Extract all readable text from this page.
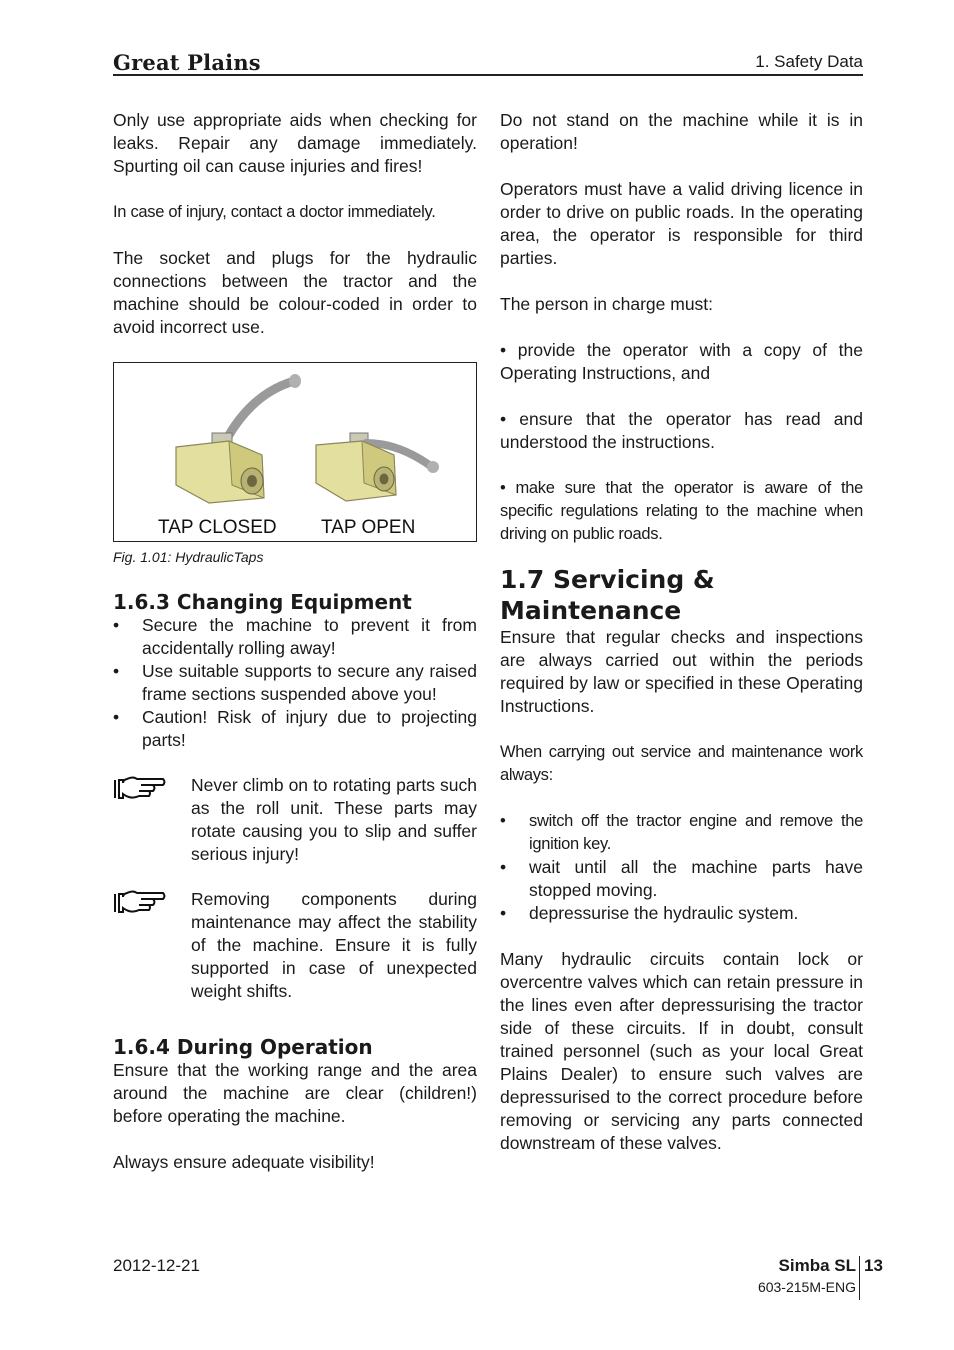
Great Plains	1. Safety Data

Only use appropriate aids when checking for leaks. Repair any damage immediately. Spurting oil can cause injuries and fires!

In case of injury, contact a doctor immediately.

The socket and plugs for the hydraulic connections between the tractor and the machine should be colour-coded in order to avoid incorrect use.

TAP CLOSED TAP OPEN
Fig. 1.01: HydraulicTaps
1.6.3 Changing Equipment
• Secure the machine to prevent it from accidentally rolling away!
• Use suitable supports to secure any raised frame sections suspended above you!
• Caution! Risk of injury due to projecting parts!

Never climb on to rotating parts such as the roll unit. These parts may rotate causing you to slip and suffer serious injury!

Removing components during maintenance may affect the stability of the machine. Ensure it is fully supported in case of unexpected weight shifts.

1.6.4 During Operation

Ensure that the working range and the area around the machine are clear (children!) before operating the machine.

Always ensure adequate visibility!

Do not stand on the machine while it is in operation!

Operators must have a valid driving licence in order to drive on public roads. In the operating area, the operator is responsible for third parties.

The person in charge must:

• provide the operator with a copy of the Operating Instructions, and

• ensure that the operator has read and understood the instructions.

• make sure that the operator is aware of the specific regulations relating to the machine when driving on public roads.

1.7 Servicing & Maintenance

Ensure that regular checks and inspections are always carried out within the periods required by law or specified in these Operating Instructions.

When carrying out service and maintenance work always:

• switch off the tractor engine and remove the ignition key.
• wait until all the machine parts have stopped moving.
• depressurise the hydraulic system.

Many hydraulic circuits contain lock or overcentre valves which can retain pressure in the lines even after depressurising the tractor side of these circuits. If in doubt, consult trained personnel (such as your local Great Plains Dealer) to ensure such valves are depressurised to the correct procedure before removing or servicing any parts connected downstream of these valves.

2012-12-21	Simba SL 13
603-215M-ENG
